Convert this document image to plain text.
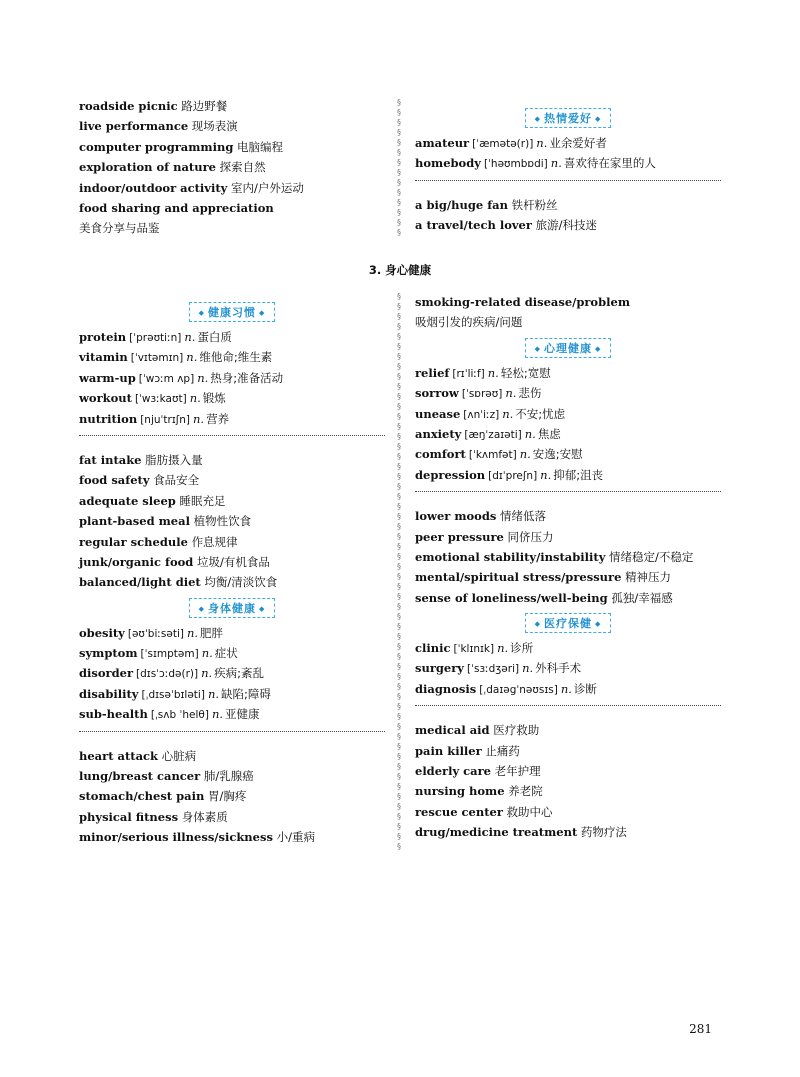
roadside picnic 路边野餐
live performance 现场表演
computer programming 电脑编程
exploration of nature 探索自然
indoor/outdoor activity 室内/户外运动
food sharing and appreciation
美食分享与品鉴
◆ 热情爱好 ◆
amateur [ˈæmətə(r)] n. 业余爱好者
homebody [ˈhəʊmbɒdi] n. 喜欢待在家里的人
a big/huge fan 铁杆粉丝
a travel/tech lover 旅游/科技迷
§
§
§
§
§
§
§
§
§
§
§
§
§
§
§
§
§
§
§
§
§
§
§
§
§
§
§
§
§
§
§
§
§
§
§
§
§
§
§
§
§
§
§
§
§
§
§
§
§
§
§
§
§
§
§
§
§
§
§
§
§
§
§
§
§
§
§
§
§
§
3. 身心健康
◆ 健康习惯 ◆
protein [ˈprəʊtiːn] n. 蛋白质
vitamin [ˈvɪtəmɪn] n. 维他命;维生素
warm-up [ˈwɔːm ʌp] n. 热身;准备活动
workout [ˈwɜːkaʊt] n. 锻炼
nutrition [njuˈtrɪʃn] n. 营养
fat intake 脂肪摄入量
food safety 食品安全
adequate sleep 睡眠充足
plant-based meal 植物性饮食
regular schedule 作息规律
junk/organic food 垃圾/有机食品
balanced/light diet 均衡/清淡饮食
◆ 身体健康 ◆
obesity [əʊˈbiːsəti] n. 肥胖
symptom [ˈsɪmptəm] n. 症状
disorder [dɪsˈɔːdə(r)] n. 疾病;紊乱
disability [ˌdɪsəˈbɪləti] n. 缺陷;障碍
sub-health [ˌsʌb ˈhelθ] n. 亚健康
heart attack 心脏病
lung/breast cancer 肺/乳腺癌
stomach/chest pain 胃/胸疼
physical fitness 身体素质
minor/serious illness/sickness 小/重病
smoking-related disease/problem
吸烟引发的疾病/问题
◆ 心理健康 ◆
relief [rɪˈliːf] n. 轻松;宽慰
sorrow [ˈsɒrəʊ] n. 悲伤
unease [ʌnˈiːz] n. 不安;忧虑
anxiety [æŋˈzaɪəti] n. 焦虑
comfort [ˈkʌmfət] n. 安逸;安慰
depression [dɪˈpreʃn] n. 抑郁;沮丧
lower moods 情绪低落
peer pressure 同侪压力
emotional stability/instability 情绪稳定/不稳定
mental/spiritual stress/pressure 精神压力
sense of loneliness/well-being 孤独/幸福感
◆ 医疗保健 ◆
clinic [ˈklɪnɪk] n. 诊所
surgery [ˈsɜːdʒəri] n. 外科手术
diagnosis [ˌdaɪəgˈnəʊsɪs] n. 诊断
medical aid 医疗救助
pain killer 止痛药
elderly care 老年护理
nursing home 养老院
rescue center 救助中心
drug/medicine treatment 药物疗法
281
